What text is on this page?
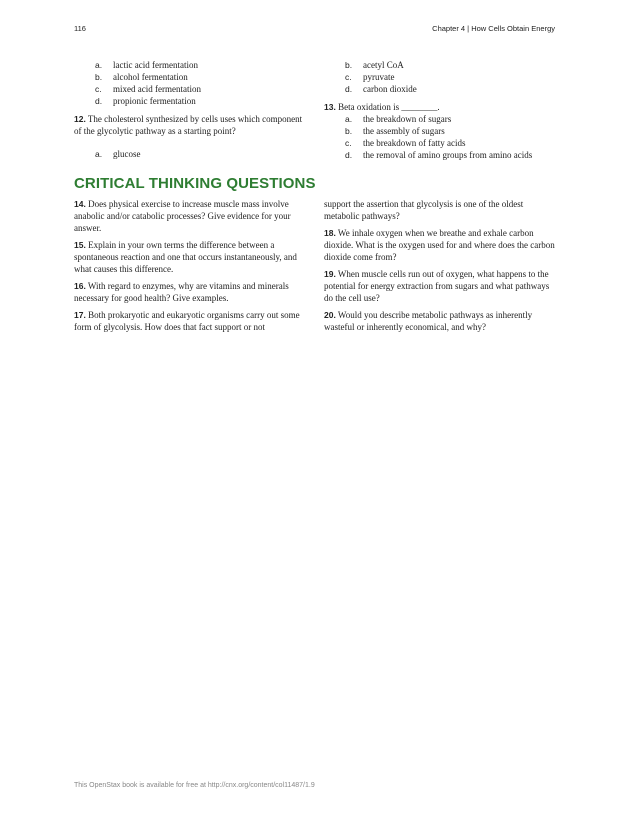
116	Chapter 4 | How Cells Obtain Energy
a.	lactic acid fermentation
b.	alcohol fermentation
c.	mixed acid fermentation
d.	propionic fermentation

12. The cholesterol synthesized by cells uses which component of the glycolytic pathway as a starting point?

a.	glucose
b.	acetyl CoA
c.	pyruvate
d.	carbon dioxide

13. Beta oxidation is ________.

a.	the breakdown of sugars
b.	the assembly of sugars
c.	the breakdown of fatty acids
d.	the removal of amino groups from amino acids
CRITICAL THINKING QUESTIONS

14. Does physical exercise to increase muscle mass involve anabolic and/or catabolic processes? Give evidence for your answer.

15. Explain in your own terms the difference between a spontaneous reaction and one that occurs instantaneously, and what causes this difference.

16. With regard to enzymes, why are vitamins and minerals necessary for good health? Give examples.

17. Both prokaryotic and eukaryotic organisms carry out some form of glycolysis. How does that fact support or not

support the assertion that glycolysis is one of the oldest metabolic pathways?

18. We inhale oxygen when we breathe and exhale carbon dioxide. What is the oxygen used for and where does the carbon dioxide come from?

19. When muscle cells run out of oxygen, what happens to the potential for energy extraction from sugars and what pathways do the cell use?

20. Would you describe metabolic pathways as inherently wasteful or inherently economical, and why?

This OpenStax book is available for free at http://cnx.org/content/col11487/1.9
